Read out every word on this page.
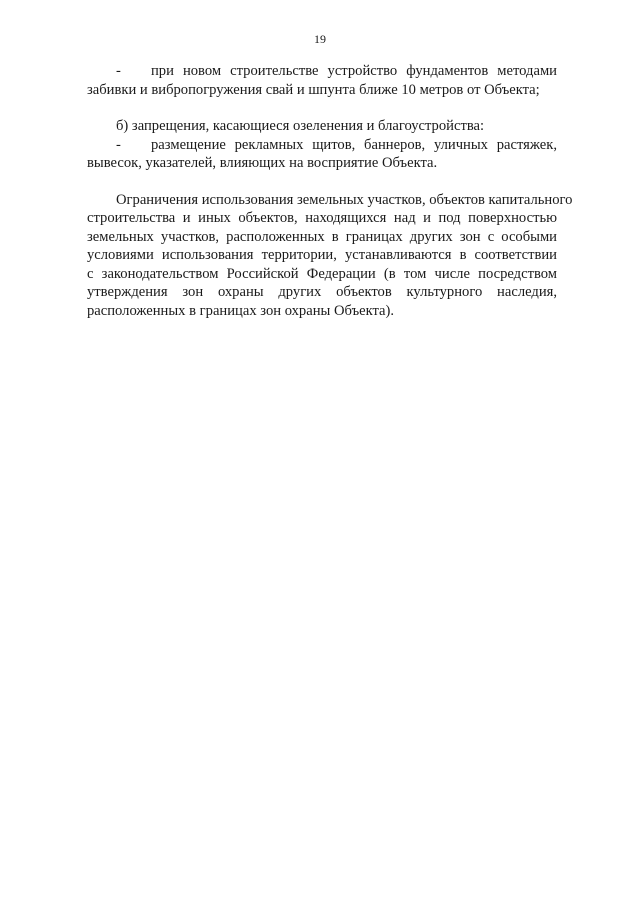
19
-	при новом строительстве устройство фундаментов методами
забивки и вибропогружения свай и шпунта ближе 10 метров от Объекта;
б) запрещения, касающиеся озеленения и благоустройства:
-	размещение рекламных щитов, баннеров, уличных растяжек,
вывесок, указателей, влияющих на восприятие Объекта.
Ограничения использования земельных участков, объектов капитального
строительства и иных объектов, находящихся над и под поверхностью
земельных участков, расположенных в границах других зон с особыми
условиями использования территории, устанавливаются в соответствии
с законодательством Российской Федерации (в том числе посредством
утверждения зон охраны других объектов культурного наследия,
расположенных в границах зон охраны Объекта).
